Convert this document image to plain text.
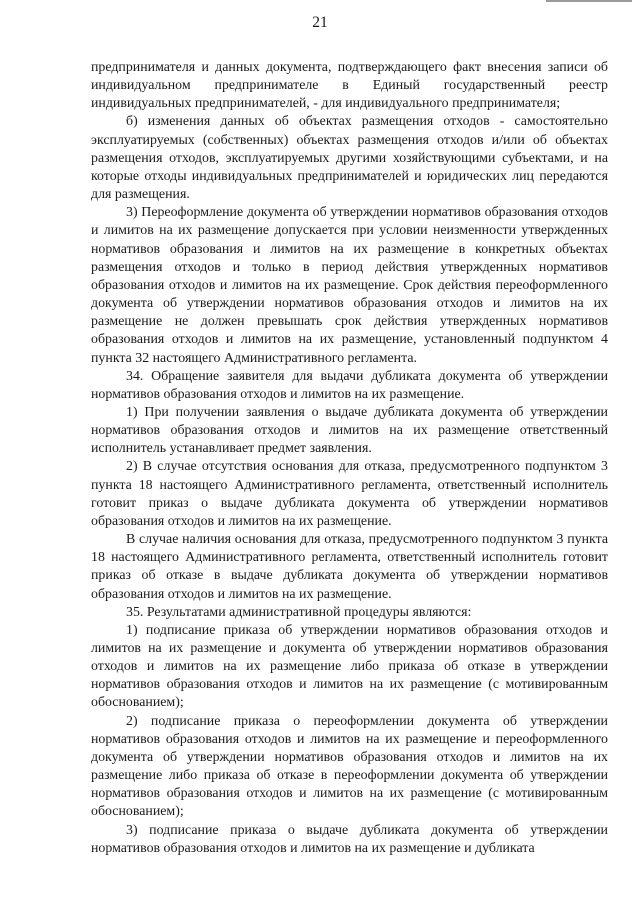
21

предпринимателя и данных документа, подтверждающего факт внесения записи об индивидуальном предпринимателе в Единый государственный реестр индивидуальных предпринимателей, - для индивидуального предпринимателя;

б) изменения данных об объектах размещения отходов - самостоятельно эксплуатируемых (собственных) объектах размещения отходов и/или об объектах размещения отходов, эксплуатируемых другими хозяйствующими субъектами, и на которые отходы индивидуальных предпринимателей и юридических лиц передаются для размещения.

3) Переоформление документа об утверждении нормативов образования отходов и лимитов на их размещение допускается при условии неизменности утвержденных нормативов образования и лимитов на их размещение в конкретных объектах размещения отходов и только в период действия утвержденных нормативов образования отходов и лимитов на их размещение. Срок действия переоформленного документа об утверждении нормативов образования отходов и лимитов на их размещение не должен превышать срок действия утвержденных нормативов образования отходов и лимитов на их размещение, установленный подпунктом 4 пункта 32 настоящего Административного регламента.

34. Обращение заявителя для выдачи дубликата документа об утверждении нормативов образования отходов и лимитов на их размещение.

1) При получении заявления о выдаче дубликата документа об утверждении нормативов образования отходов и лимитов на их размещение ответственный исполнитель устанавливает предмет заявления.

2) В случае отсутствия основания для отказа, предусмотренного подпунктом 3 пункта 18 настоящего Административного регламента, ответственный исполнитель готовит приказ о выдаче дубликата документа об утверждении нормативов образования отходов и лимитов на их размещение.

В случае наличия основания для отказа, предусмотренного подпунктом 3 пункта 18 настоящего Административного регламента, ответственный исполнитель готовит приказ об отказе в выдаче дубликата документа об утверждении нормативов образования отходов и лимитов на их размещение.

35. Результатами административной процедуры являются:

1) подписание приказа об утверждении нормативов образования отходов и лимитов на их размещение и документа об утверждении нормативов образования отходов и лимитов на их размещение либо приказа об отказе в утверждении нормативов образования отходов и лимитов на их размещение (с мотивированным обоснованием);

2) подписание приказа о переоформлении документа об утверждении нормативов образования отходов и лимитов на их размещение и переоформленного документа об утверждении нормативов образования отходов и лимитов на их размещение либо приказа об отказе в переоформлении документа об утверждении нормативов образования отходов и лимитов на их размещение (с мотивированным обоснованием);

3) подписание приказа о выдаче дубликата документа об утверждении нормативов образования отходов и лимитов на их размещение и дубликата
